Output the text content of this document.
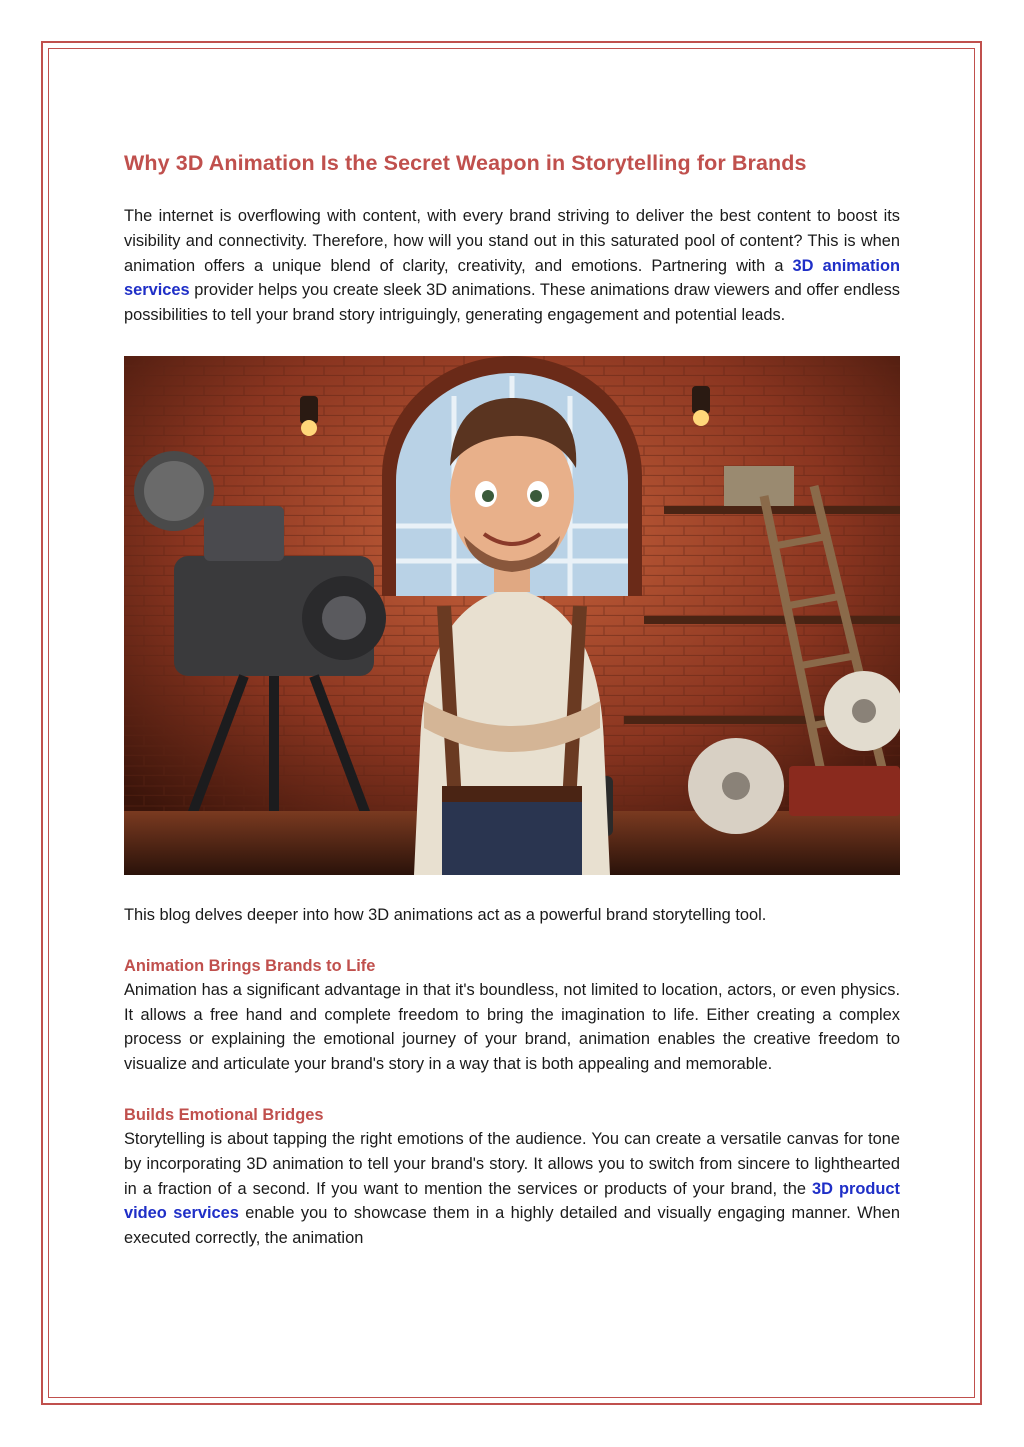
Why 3D Animation Is the Secret Weapon in Storytelling for Brands

The internet is overflowing with content, with every brand striving to deliver the best content to boost its visibility and connectivity. Therefore, how will you stand out in this saturated pool of content? This is when animation offers a unique blend of clarity, creativity, and emotions. Partnering with a 3D animation services provider helps you create sleek 3D animations. These animations draw viewers and offer endless possibilities to tell your brand story intriguingly, generating engagement and potential leads.

This blog delves deeper into how 3D animations act as a powerful brand storytelling tool.

Animation Brings Brands to Life

Animation has a significant advantage in that it's boundless, not limited to location, actors, or even physics. It allows a free hand and complete freedom to bring the imagination to life. Either creating a complex process or explaining the emotional journey of your brand, animation enables the creative freedom to visualize and articulate your brand's story in a way that is both appealing and memorable.

Builds Emotional Bridges

Storytelling is about tapping the right emotions of the audience. You can create a versatile canvas for tone by incorporating 3D animation to tell your brand's story. It allows you to switch from sincere to lighthearted in a fraction of a second. If you want to mention the services or products of your brand, the 3D product video services enable you to showcase them in a highly detailed and visually engaging manner. When executed correctly, the animation
